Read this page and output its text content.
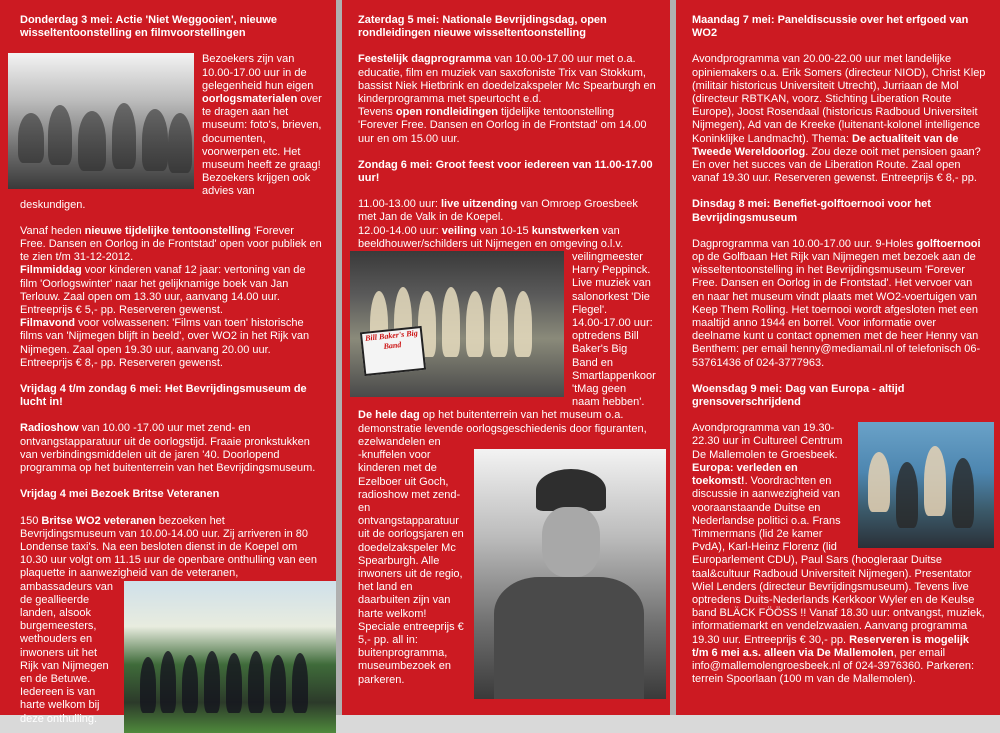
Donderdag 3 mei: Actie 'Niet Weggooien', nieuwe wisseltentoonstelling en filmvoorstellingen

Bezoekers zijn van 10.00-17.00 uur in de gelegenheid hun eigen oorlogsmaterialen over te dragen aan het museum: foto's, brieven, documenten, voorwerpen etc. Het museum heeft ze graag! Bezoekers krijgen ook advies van deskundigen.

Vanaf heden nieuwe tijdelijke tentoonstelling 'Forever Free. Dansen en Oorlog in de Frontstad' open voor publiek en te zien t/m 31-12-2012.

Filmmiddag voor kinderen vanaf 12 jaar: vertoning van de film 'Oorlogswinter' naar het gelijknamige boek van Jan Terlouw. Zaal open om 13.30 uur, aanvang 14.00 uur. Entreeprijs € 5,- pp. Reserveren gewenst.

Filmavond voor volwassenen: 'Films van toen' historische films van 'Nijmegen blijft in beeld', over WO2 in het Rijk van Nijmegen. Zaal open 19.30 uur, aanvang 20.00 uur. Entreeprijs € 8,- pp. Reserveren gewenst.

Vrijdag 4 t/m zondag 6 mei: Het Bevrijdingsmuseum de lucht in!

Radioshow van 10.00 -17.00 uur met zend- en ontvangstapparatuur uit de oorlogstijd. Fraaie pronkstukken van verbindingsmiddelen uit de jaren '40. Doorlopend programma op het buitenterrein van het Bevrijdingsmuseum.

Vrijdag 4 mei Bezoek Britse Veteranen

150 Britse WO2 veteranen bezoeken het Bevrijdingsmuseum van 10.00-14.00 uur. Zij arriveren in 80 Londense taxi's. Na een besloten dienst in de Koepel om 10.30 uur volgt om 11.15 uur de openbare onthulling van een plaquette in aanwezigheid van de veteranen,

ambassadeurs van de geallieerde landen, alsook burgemeesters, wethouders en inwoners uit het Rijk van Nijmegen en de Betuwe. Iedereen is van harte welkom bij deze onthulling.

Zaterdag 5 mei: Nationale Bevrijdingsdag, open rondleidingen nieuwe wisseltentoonstelling

Feestelijk dagprogramma van 10.00-17.00 uur met o.a. educatie, film en muziek van saxofoniste Trix van Stokkum, bassist Niek Hietbrink en doedelzakspeler Mc Spearburgh en kinderprogramma met speurtocht e.d.

Tevens open rondleidingen tijdelijke tentoonstelling 'Forever Free. Dansen en Oorlog in de Frontstad' om 14.00 uur en om 15.00 uur.

Zondag 6 mei: Groot feest voor iedereen van 11.00-17.00 uur!

11.00-13.00 uur: live uitzending van Omroep Groesbeek met Jan de Valk in de Koepel.

12.00-14.00 uur: veiling van 10-15 kunstwerken van beeldhouwer/schilders uit Nijmegen en omgeving o.l.v.

Bill Baker's Big Band

veilingmeester Harry Peppinck. Live muziek van salonorkest 'Die Flegel'.

14.00-17.00 uur: optredens Bill Baker's Big Band en Smartlappenkoor 'tMag geen naam hebben'.

De hele dag op het buitenterrein van het museum o.a.

demonstratie levende oorlogsgeschiedenis door figuranten, ezelwandelen en

-knuffelen voor kinderen met de Ezelboer uit Goch, radioshow met zend- en ontvangstapparatuur uit de oorlogsjaren en doedelzakspeler Mc Spearburgh. Alle inwoners uit de regio, het land en daarbuiten zijn van harte welkom! Speciale entreeprijs € 5,- pp. all in: buitenprogramma, museumbezoek en parkeren.

Maandag 7 mei: Paneldiscussie over het erfgoed van WO2

Avondprogramma van 20.00-22.00 uur met landelijke opiniemakers o.a. Erik Somers (directeur NIOD), Christ Klep (militair historicus Universiteit Utrecht), Jurriaan de Mol (directeur RBTKAN, voorz. Stichting Liberation Route Europe), Joost Rosendaal (historicus Radboud Universiteit Nijmegen), Ad van de Kreeke (luitenant-kolonel intelligence Koninklijke Landmacht). Thema: De actualiteit van de Tweede Wereldoorlog. Zou deze ooit met pensioen gaan? En over het succes van de Liberation Route. Zaal open vanaf 19.30 uur. Reserveren gewenst. Entreeprijs € 8,- pp.

Dinsdag 8 mei: Benefiet-golftoernooi voor het Bevrijdingsmuseum

Dagprogramma van 10.00-17.00 uur. 9-Holes golftoernooi op de Golfbaan Het Rijk van Nijmegen met bezoek aan de wisseltentoonstelling in het Bevrijdingsmuseum 'Forever Free. Dansen en Oorlog in de Frontstad'. Het vervoer van en naar het museum vindt plaats met WO2-voertuigen van Keep Them Rolling. Het toernooi wordt afgesloten met een maaltijd anno 1944 en borrel. Voor informatie over deelname kunt u contact opnemen met de heer Henny van Benthem: per email henny@mediamail.nl of telefonisch 06-53761436 of 024-3777963.

Woensdag 9 mei: Dag van Europa - altijd grensoverschrijdend

Avondprogramma van 19.30-22.30 uur in Cultureel Centrum De Mallemolen te Groesbeek. Europa: verleden en toekomst!. Voordrachten en discussie in aanwezigheid van vooraanstaande Duitse en Nederlandse politici o.a. Frans Timmermans (lid 2e kamer PvdA), Karl-Heinz Florenz (lid Europarlement CDU), Paul Sars (hoogleraar Duitse taal&cultuur Radboud Universiteit Nijmegen). Presentator Wiel Lenders (directeur Bevrijdingsmuseum). Tevens live optredens Duits-Nederlands Kerkkoor Wyler en de Keulse band BLÄCK FÖÖSS !! Vanaf 18.30 uur: ontvangst, muziek, informatiemarkt en vendelzwaaien. Aanvang programma 19.30 uur. Entreeprijs € 30,- pp. Reserveren is mogelijk t/m 6 mei a.s. alleen via De Mallemolen, per email info@mallemolengroesbeek.nl of 024-3976360. Parkeren: terrein Spoorlaan (100 m van de Mallemolen).
